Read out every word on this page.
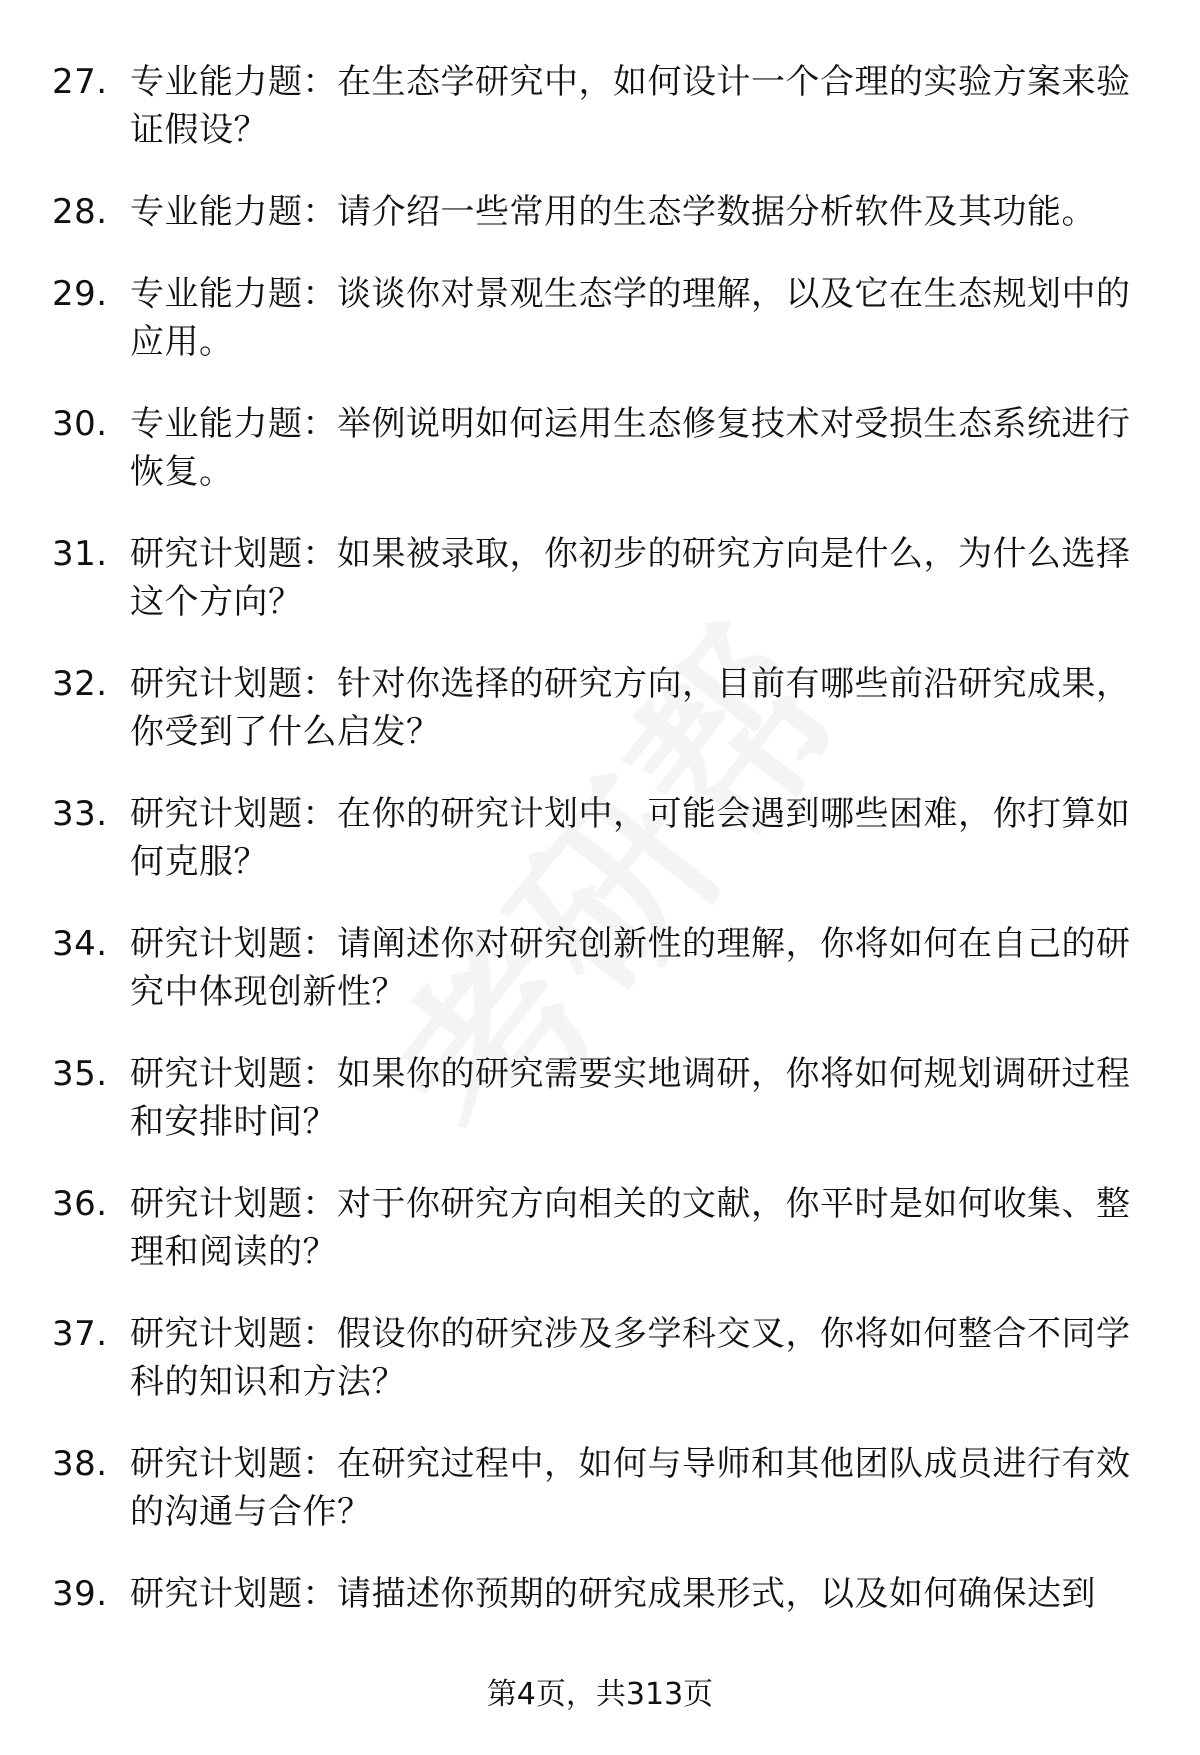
27. 专业能力题：在生态学研究中，如何设计一个合理的实验方案来验证假设？
28. 专业能力题：请介绍一些常用的生态学数据分析软件及其功能。
29. 专业能力题：谈谈你对景观生态学的理解，以及它在生态规划中的应用。
30. 专业能力题：举例说明如何运用生态修复技术对受损生态系统进行恢复。
31. 研究计划题：如果被录取，你初步的研究方向是什么，为什么选择这个方向？
32. 研究计划题：针对你选择的研究方向，目前有哪些前沿研究成果，你受到了什么启发？
33. 研究计划题：在你的研究计划中，可能会遇到哪些困难，你打算如何克服？
34. 研究计划题：请阐述你对研究创新性的理解，你将如何在自己的研究中体现创新性？
35. 研究计划题：如果你的研究需要实地调研，你将如何规划调研过程和安排时间？
36. 研究计划题：对于你研究方向相关的文献，你平时是如何收集、整理和阅读的？
37. 研究计划题：假设你的研究涉及多学科交叉，你将如何整合不同学科的知识和方法？
38. 研究计划题：在研究过程中，如何与导师和其他团队成员进行有效的沟通与合作？
39. 研究计划题：请描述你预期的研究成果形式，以及如何确保达到
第4页，共313页
